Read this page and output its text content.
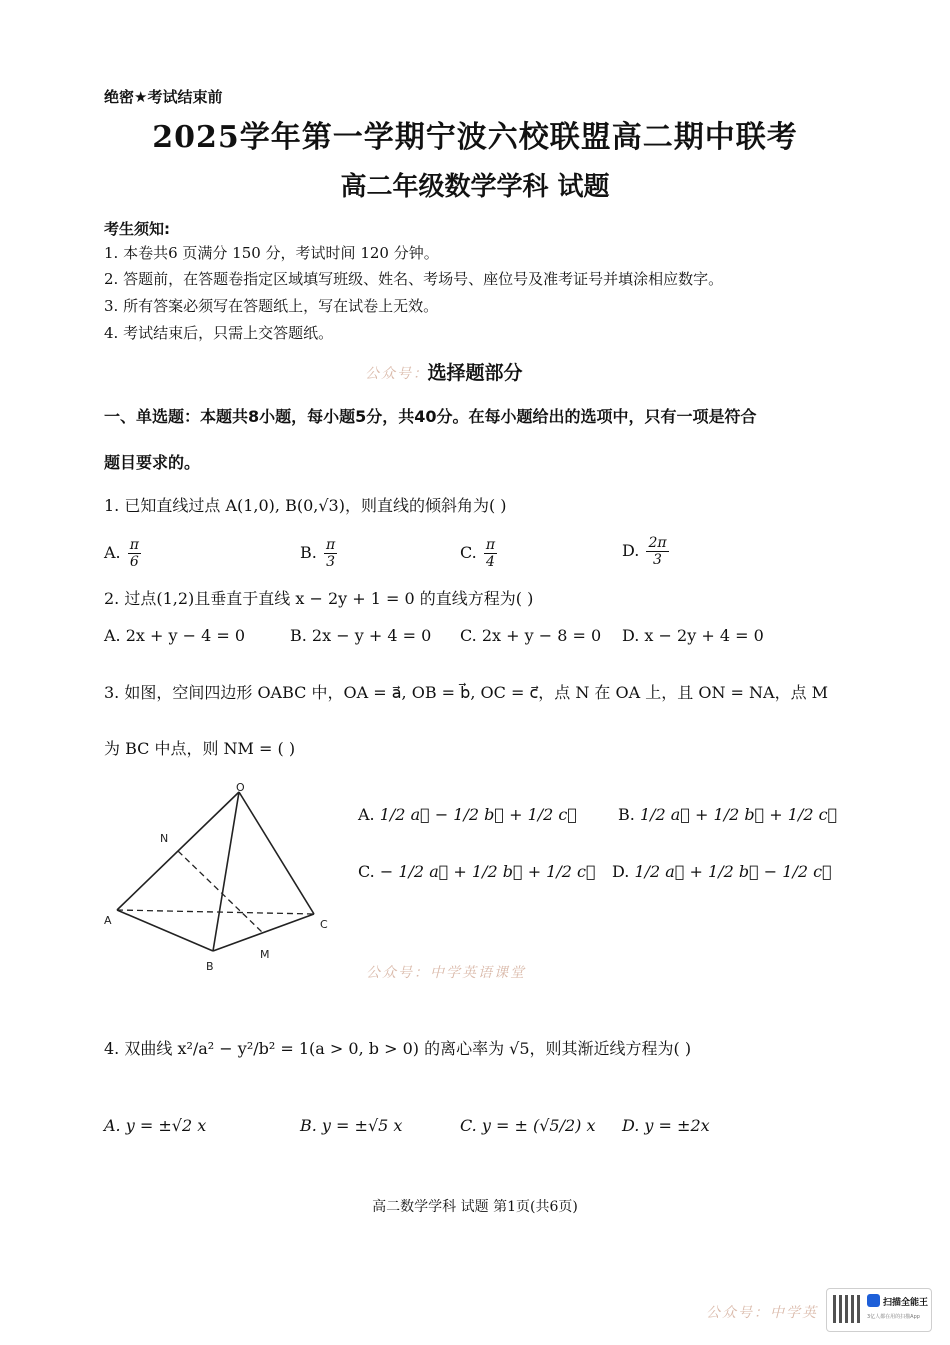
绝密★考试结束前
2025学年第一学期宁波六校联盟高二期中联考
高二年级数学学科 试题
考生须知:
1. 本卷共6 页满分 150 分，考试时间 120 分钟。
2. 答题前，在答题卷指定区域填写班级、姓名、考场号、座位号及准考证号并填涂相应数字。
3. 所有答案必须写在答题纸上，写在试卷上无效。
4. 考试结束后，只需上交答题纸。
公众号：
选择题部分
一、单选题：本题共8小题，每小题5分，共40分。在每小题给出的选项中，只有一项是符合
题目要求的。
1. 已知直线过点 A(1,0), B(0,√3)，则直线的倾斜角为( )
A. $\frac{\pi}{6}$	B. $\frac{\pi}{3}$	C. $\frac{\pi}{4}$	D. $\frac{2\pi}{3}$
2. 过点(1,2)且垂直于直线 x − 2y + 1 = 0 的直线方程为( )
A. 2x + y − 4 = 0	B. 2x − y + 4 = 0 C. 2x + y − 8 = 0 D. x − 2y + 4 = 0
3. 如图，空间四边形 OABC 中，OA = a⃗, OB = b⃗, OC = c⃗，点 N 在 OA 上，且 ON = NA，点 M
为 BC 中点，则 NM = ( )
O
N
A
B
M
C
A. 1/2 a⃗ − 1/2 b⃗ + 1/2 c⃗	B. 1/2 a⃗ + 1/2 b⃗ + 1/2 c⃗
C. − 1/2 a⃗ + 1/2 b⃗ + 1/2 c⃗ D. 1/2 a⃗ + 1/2 b⃗ − 1/2 c⃗
公众号：中学英语课堂
4. 双曲线 x²/a² − y²/b² = 1(a > 0, b > 0) 的离心率为 √5，则其渐近线方程为( )
A. y = ±√2 x	B. y = ±√5 x	C. y = ± (√5/2) x D. y = ±2x
高二数学学科 试题 第1页(共6页)
公众号：中学英
扫描全能王
3亿人都在用的扫描App
